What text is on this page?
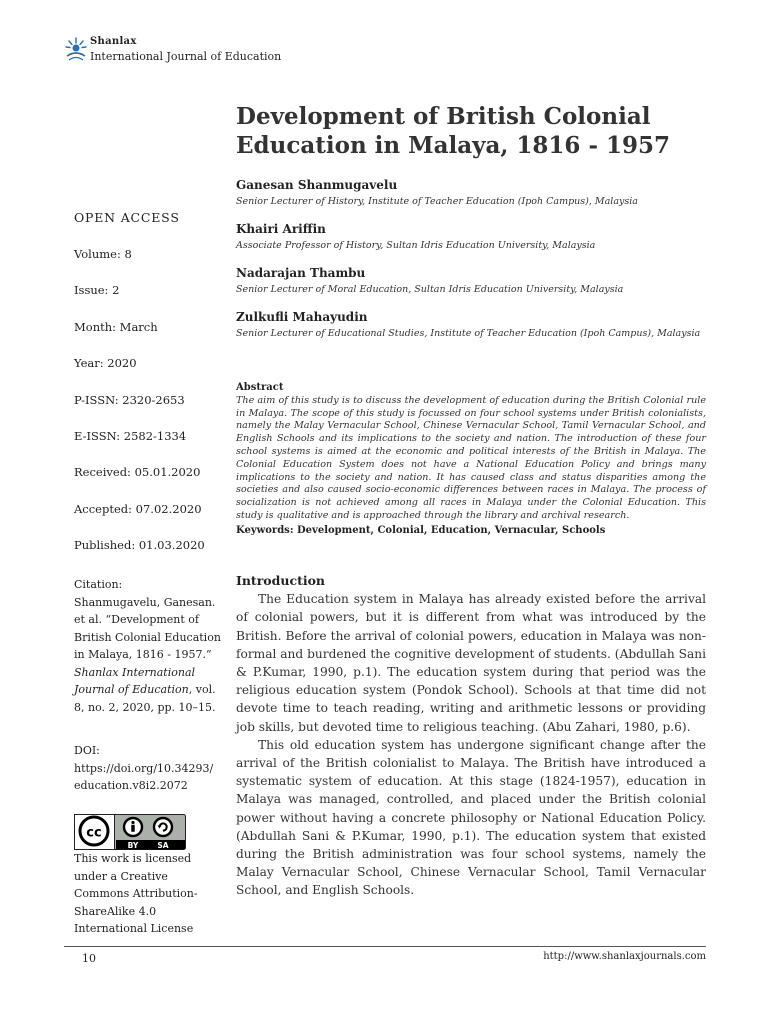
Shanlax
International Journal of Education
Development of British Colonial
Education in Malaya, 1816 - 1957
Ganesan Shanmugavelu
Senior Lecturer of History, Institute of Teacher Education (Ipoh Campus), Malaysia
Khairi Ariffin
Associate Professor of History, Sultan Idris Education University, Malaysia
Nadarajan Thambu
Senior Lecturer of Moral Education, Sultan Idris Education University, Malaysia
Zulkufli Mahayudin
Senior Lecturer of Educational Studies, Institute of Teacher Education (Ipoh Campus), Malaysia
OPEN ACCESS
Volume: 8
Issue: 2
Month: March
Year: 2020
P-ISSN: 2320-2653
E-ISSN: 2582-1334
Received: 05.01.2020
Accepted: 07.02.2020
Published: 01.03.2020
Citation:
Shanmugavelu, Ganesan. et al. “Development of British Colonial Education in Malaya, 1816 - 1957.” Shanlax International Journal of Education, vol. 8, no. 2, 2020, pp. 10–15.
DOI:
https://doi.org/10.34293/
education.v8i2.2072
cc
BY	SA
This work is licensed under a Creative Commons Attribution-ShareAlike 4.0 International License
Abstract
The aim of this study is to discuss the development of education during the British Colonial rule in Malaya. The scope of this study is focussed on four school systems under British colonialists, namely the Malay Vernacular School, Chinese Vernacular School, Tamil Vernacular School, and English Schools and its implications to the society and nation. The introduction of these four school systems is aimed at the economic and political interests of the British in Malaya. The Colonial Education System does not have a National Education Policy and brings many implications to the society and nation. It has caused class and status disparities among the societies and also caused socio-economic differences between races in Malaya. The process of socialization is not achieved among all races in Malaya under the Colonial Education. This study is qualitative and is approached through the library and archival research.
Keywords: Development, Colonial, Education, Vernacular, Schools
Introduction

The Education system in Malaya has already existed before the arrival of colonial powers, but it is different from what was introduced by the British. Before the arrival of colonial powers, education in Malaya was non-formal and burdened the cognitive development of students. (Abdullah Sani & P.Kumar, 1990, p.1). The education system during that period was the religious education system (Pondok School). Schools at that time did not devote time to teach reading, writing and arithmetic lessons or providing job skills, but devoted time to religious teaching. (Abu Zahari, 1980, p.6).

This old education system has undergone significant change after the arrival of the British colonialist to Malaya. The British have introduced a systematic system of education. At this stage (1824-1957), education in Malaya was managed, controlled, and placed under the British colonial power without having a concrete philosophy or National Education Policy. (Abdullah Sani & P.Kumar, 1990, p.1). The education system that existed during the British administration was four school systems, namely the Malay Vernacular School, Chinese Vernacular School, Tamil Vernacular School, and English Schools.

10	http://www.shanlaxjournals.com
